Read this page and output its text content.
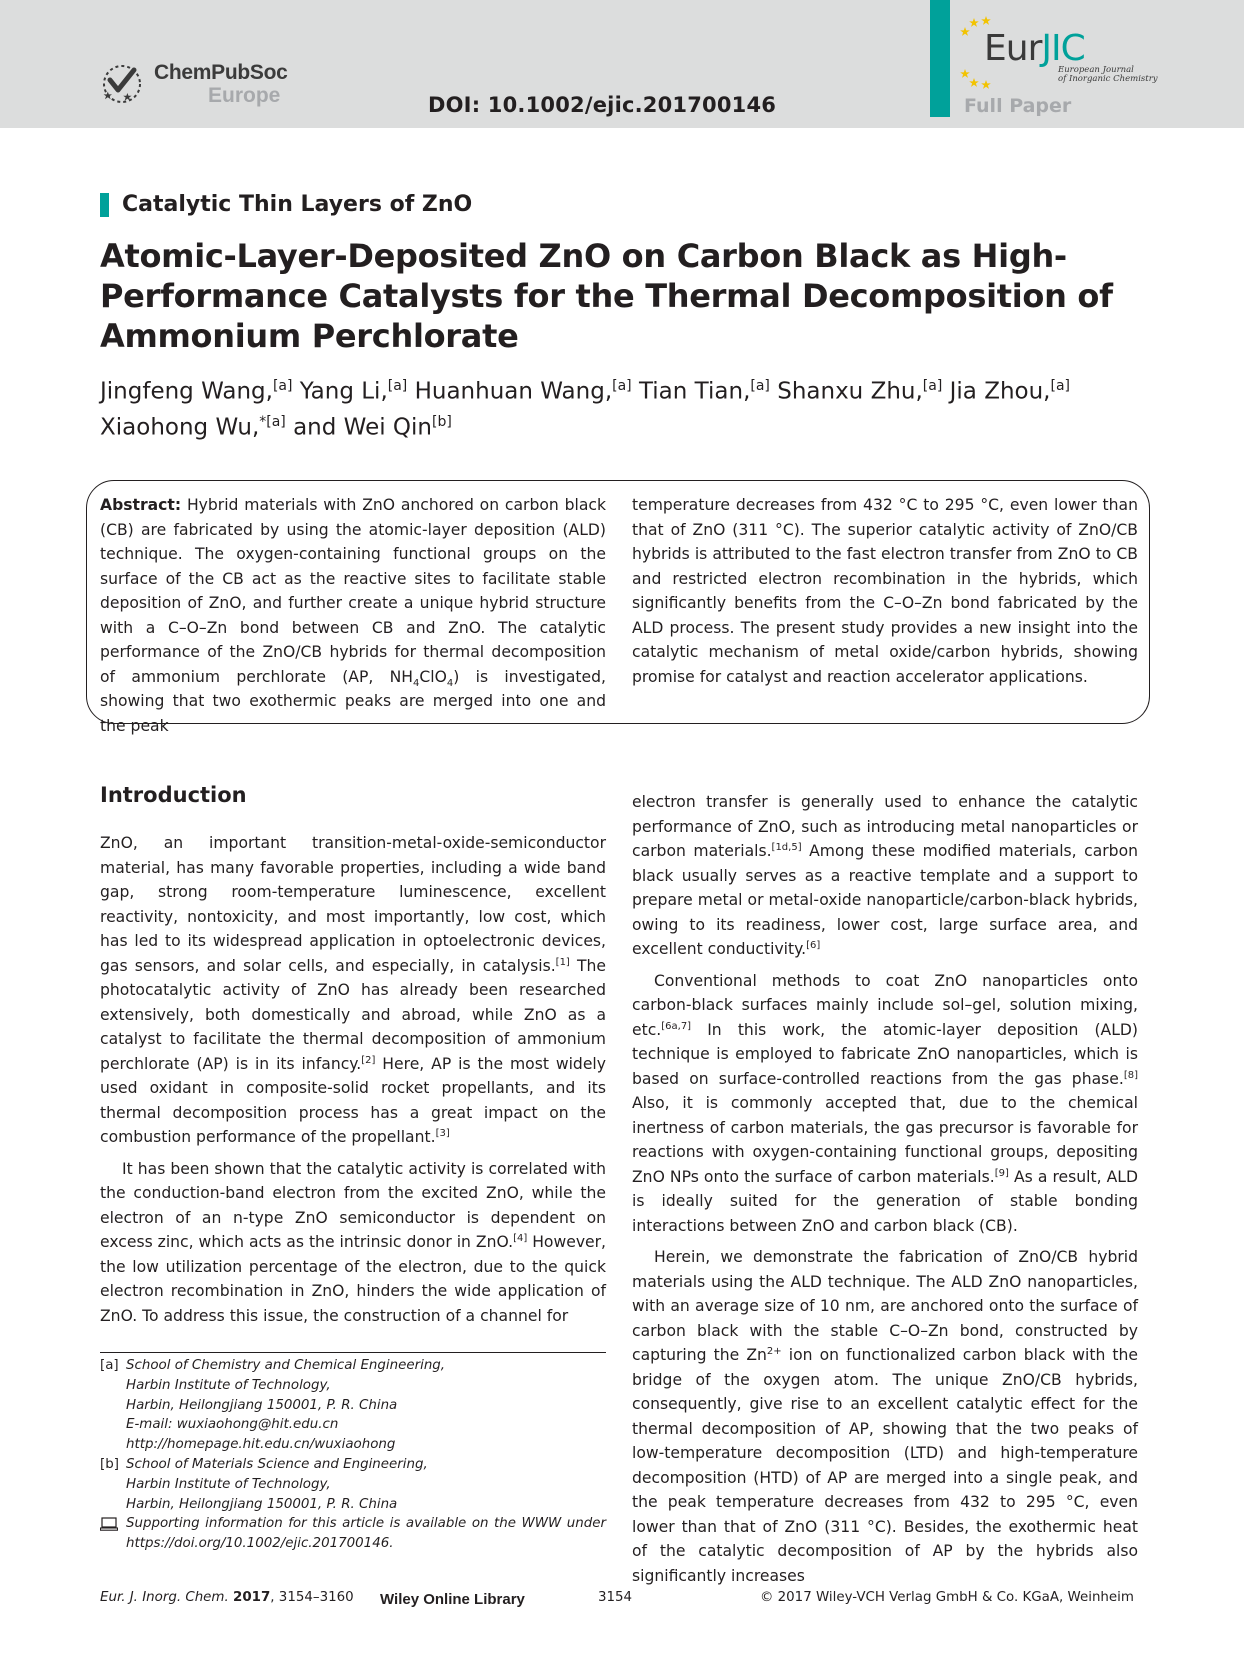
ChemPubSoc
Europe	DOI: 10.1002/ejic.201700146
EurJIC
European Journal
of Inorganic Chemistry
Full Paper
Catalytic Thin Layers of ZnO
Atomic-Layer-Deposited ZnO on Carbon Black as High-Performance Catalysts for the Thermal Decomposition of Ammonium Perchlorate
Jingfeng Wang,[a] Yang Li,[a] Huanhuan Wang,[a] Tian Tian,[a] Shanxu Zhu,[a] Jia Zhou,[a]
Xiaohong Wu,$^{*[a]}$ and Wei Qin[b]
Abstract: Hybrid materials with ZnO anchored on carbon black (CB) are fabricated by using the atomic-layer deposition (ALD) technique. The oxygen-containing functional groups on the surface of the CB act as the reactive sites to facilitate stable deposition of ZnO, and further create a unique hybrid structure with a C–O–Zn bond between CB and ZnO. The catalytic performance of the ZnO/CB hybrids for thermal decomposition of ammonium perchlorate (AP, $NH_4ClO_4$) is investigated, showing that two exothermic peaks are merged into one and the peak
temperature decreases from 432 °C to 295 °C, even lower than that of ZnO (311 °C). The superior catalytic activity of ZnO/CB hybrids is attributed to the fast electron transfer from ZnO to CB and restricted electron recombination in the hybrids, which significantly benefits from the C–O–Zn bond fabricated by the ALD process. The present study provides a new insight into the catalytic mechanism of metal oxide/carbon hybrids, showing promise for catalyst and reaction accelerator applications.
Introduction

ZnO, an important transition-metal-oxide-semiconductor material, has many favorable properties, including a wide band gap, strong room-temperature luminescence, excellent reactivity, nontoxicity, and most importantly, low cost, which has led to its widespread application in optoelectronic devices, gas sensors, and solar cells, and especially, in catalysis.[1] The photocatalytic activity of ZnO has already been researched extensively, both domestically and abroad, while ZnO as a catalyst to facilitate the thermal decomposition of ammonium perchlorate (AP) is in its infancy.[2] Here, AP is the most widely used oxidant in composite-solid rocket propellants, and its thermal decomposition process has a great impact on the combustion performance of the propellant.[3]

It has been shown that the catalytic activity is correlated with the conduction-band electron from the excited ZnO, while the electron of an n-type ZnO semiconductor is dependent on excess zinc, which acts as the intrinsic donor in ZnO.[4] However, the low utilization percentage of the electron, due to the quick electron recombination in ZnO, hinders the wide application of ZnO. To address this issue, the construction of a channel for

electron transfer is generally used to enhance the catalytic performance of ZnO, such as introducing metal nanoparticles or carbon materials.[1d,5] Among these modified materials, carbon black usually serves as a reactive template and a support to prepare metal or metal-oxide nanoparticle/carbon-black hybrids, owing to its readiness, lower cost, large surface area, and excellent conductivity.[6]

Conventional methods to coat ZnO nanoparticles onto carbon-black surfaces mainly include sol–gel, solution mixing, etc.[6a,7] In this work, the atomic-layer deposition (ALD) technique is employed to fabricate ZnO nanoparticles, which is based on surface-controlled reactions from the gas phase.[8] Also, it is commonly accepted that, due to the chemical inertness of carbon materials, the gas precursor is favorable for reactions with oxygen-containing functional groups, depositing ZnO NPs onto the surface of carbon materials.[9] As a result, ALD is ideally suited for the generation of stable bonding interactions between ZnO and carbon black (CB).

Herein, we demonstrate the fabrication of ZnO/CB hybrid materials using the ALD technique. The ALD ZnO nanoparticles, with an average size of 10 nm, are anchored onto the surface of carbon black with the stable C–O–Zn bond, constructed by capturing the $Zn^{2+}$ ion on functionalized carbon black with the bridge of the oxygen atom. The unique ZnO/CB hybrids, consequently, give rise to an excellent catalytic effect for the thermal decomposition of AP, showing that the two peaks of low-temperature decomposition (LTD) and high-temperature decomposition (HTD) of AP are merged into a single peak, and the peak temperature decreases from 432 to 295 °C, even lower than that of ZnO (311 °C). Besides, the exothermic heat of the catalytic decomposition of AP by the hybrids also significantly increases

[a] School of Chemistry and Chemical Engineering,
Harbin Institute of Technology,
Harbin, Heilongjiang 150001, P. R. China
E-mail: wuxiaohong@hit.edu.cn
http://homepage.hit.edu.cn/wuxiaohong
[b] School of Materials Science and Engineering,
Harbin Institute of Technology,
Harbin, Heilongjiang 150001, P. R. China
Supporting information for this article is available on the WWW under https://doi.org/10.1002/ejic.201700146.
Eur. J. Inorg. Chem. 2017, 3154–3160 Wiley Online Library	3154	© 2017 Wiley-VCH Verlag GmbH & Co. KGaA, Weinheim
